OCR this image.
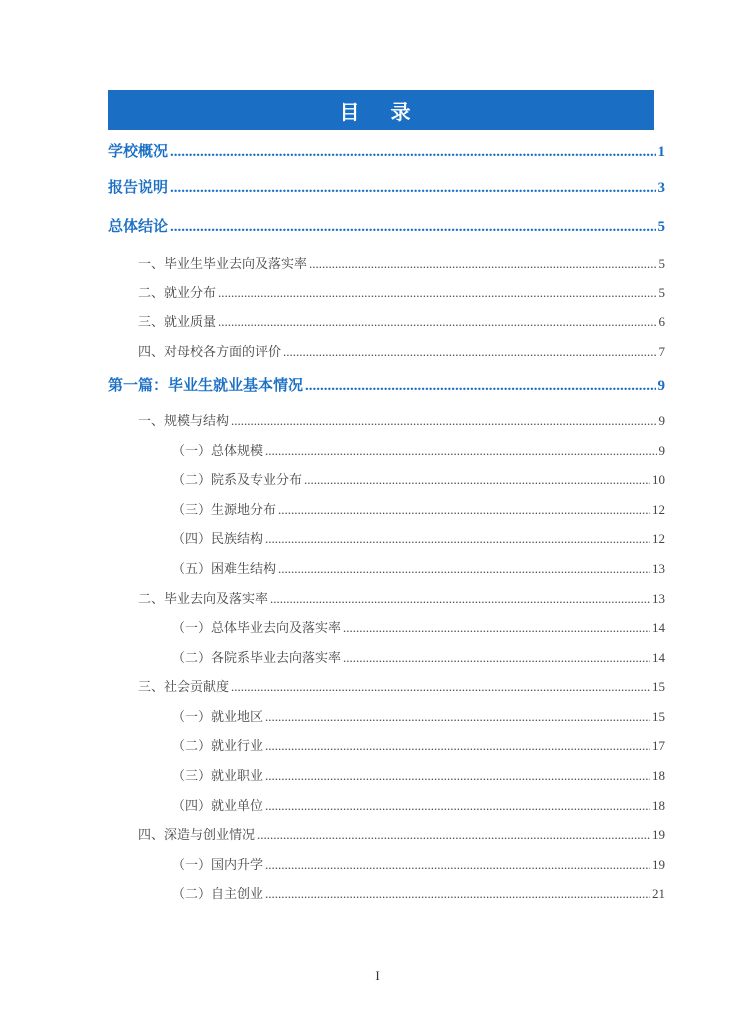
目 录
学校概况 .....	1
报告说明 .....	3
总体结论 .....	5
一、毕业生毕业去向及落实率 .....	5
二、就业分布 .....	5
三、就业质量 .....	6
四、对母校各方面的评价 .....	7
第一篇：毕业生就业基本情况 .....	9
一、规模与结构 .....	9
（一）总体规模 .....	9
（二）院系及专业分布 .....	10
（三）生源地分布 .....	12
（四）民族结构 .....	12
（五）困难生结构 .....	13
二、毕业去向及落实率 .....	13
（一）总体毕业去向及落实率 .....	14
（二）各院系毕业去向落实率 .....	14
三、社会贡献度 .....	15
（一）就业地区 .....	15
（二）就业行业 .....	17
（三）就业职业 .....	18
（四）就业单位 .....	18
四、深造与创业情况 .....	19
（一）国内升学 .....	19
（二）自主创业 .....	21
I
